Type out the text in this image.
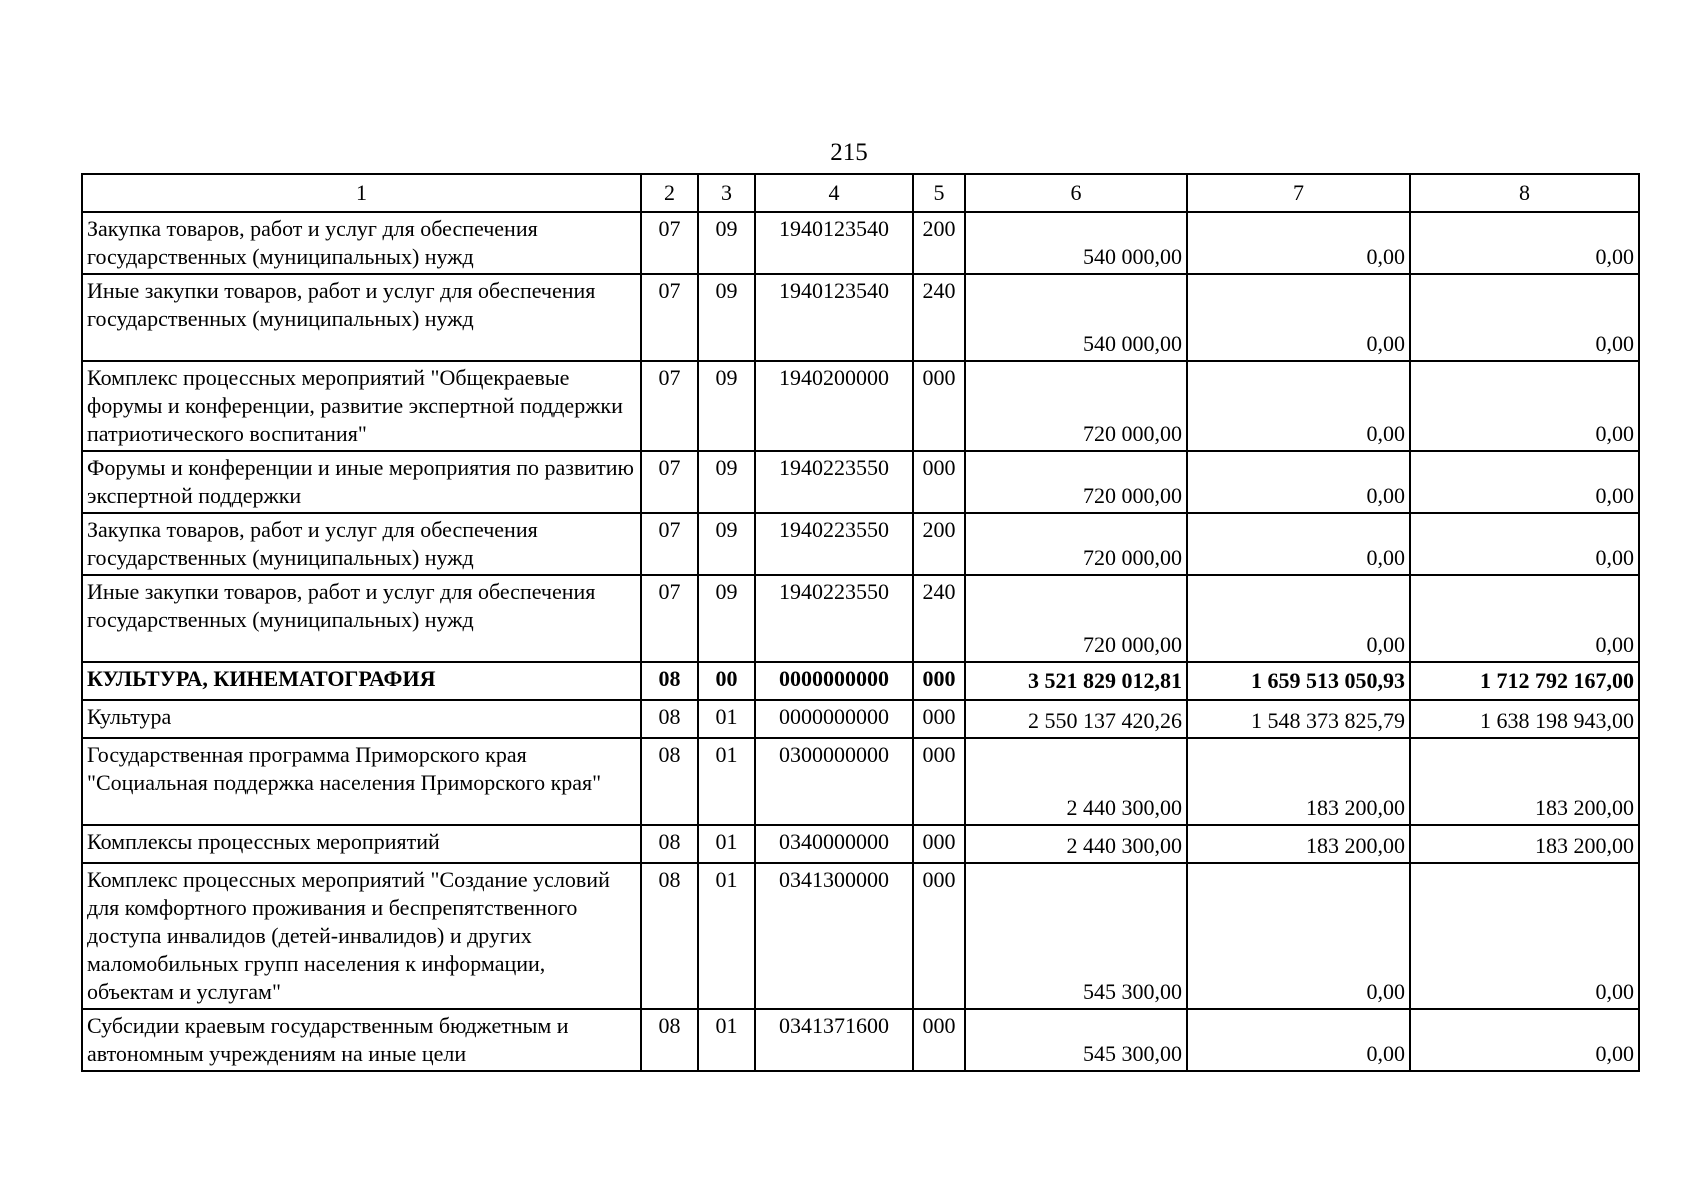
215
1	2	3	4	5	6	7	8
Закупка товаров, работ и услуг для обеспечения государственных (муниципальных) нужд	07	09	1940123540	200	540 000,00	0,00	0,00
Иные закупки товаров, работ и услуг для обеспечения государственных (муниципальных) нужд	07	09	1940123540	240	540 000,00	0,00	0,00
Комплекс процессных мероприятий "Общекраевые форумы и конференции, развитие экспертной поддержки патриотического воспитания"	07	09	1940200000	000	720 000,00	0,00	0,00
Форумы и конференции и иные мероприятия по развитию экспертной поддержки	07	09	1940223550	000	720 000,00	0,00	0,00
Закупка товаров, работ и услуг для обеспечения государственных (муниципальных) нужд	07	09	1940223550	200	720 000,00	0,00	0,00
Иные закупки товаров, работ и услуг для обеспечения государственных (муниципальных) нужд	07	09	1940223550	240	720 000,00	0,00	0,00
КУЛЬТУРА, КИНЕМАТОГРАФИЯ	08	00	0000000000	000	3 521 829 012,81	1 659 513 050,93	1 712 792 167,00
Культура	08	01	0000000000	000	2 550 137 420,26	1 548 373 825,79	1 638 198 943,00
Государственная программа Приморского края "Социальная поддержка населения Приморского края"	08	01	0300000000	000	2 440 300,00	183 200,00	183 200,00
Комплексы процессных мероприятий	08	01	0340000000	000	2 440 300,00	183 200,00	183 200,00
Комплекс процессных мероприятий "Создание условий для комфортного проживания и беспрепятственного доступа инвалидов (детей-инвалидов) и других маломобильных групп населения к информации, объектам и услугам"	08	01	0341300000	000	545 300,00	0,00	0,00
Субсидии краевым государственным бюджетным и автономным учреждениям на иные цели	08	01	0341371600	000	545 300,00	0,00	0,00
